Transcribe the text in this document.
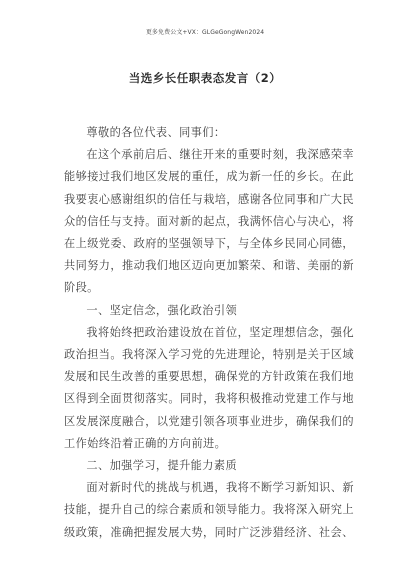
更多免费公文+VX：GLGeGongWen2024
当选乡长任职表态发言（2）

尊敬的各位代表、同事们：

在这个承前启后、继往开来的重要时刻，我深感荣幸能够接过我们地区发展的重任，成为新一任的乡长。在此我要衷心感谢组织的信任与栽培，感谢各位同事和广大民众的信任与支持。面对新的起点，我满怀信心与决心，将在上级党委、政府的坚强领导下，与全体乡民同心同德，共同努力，推动我们地区迈向更加繁荣、和谐、美丽的新阶段。

一、坚定信念，强化政治引领

我将始终把政治建设放在首位，坚定理想信念，强化政治担当。我将深入学习党的先进理论，特别是关于区域发展和民生改善的重要思想，确保党的方针政策在我们地区得到全面贯彻落实。同时，我将积极推动党建工作与地区发展深度融合，以党建引领各项事业进步，确保我们的工作始终沿着正确的方向前进。

二、加强学习，提升能力素质

面对新时代的挑战与机遇，我将不断学习新知识、新技能，提升自己的综合素质和领导能力。我将深入研究上级政策，准确把握发展大势，同时广泛涉猎经济、社会、
